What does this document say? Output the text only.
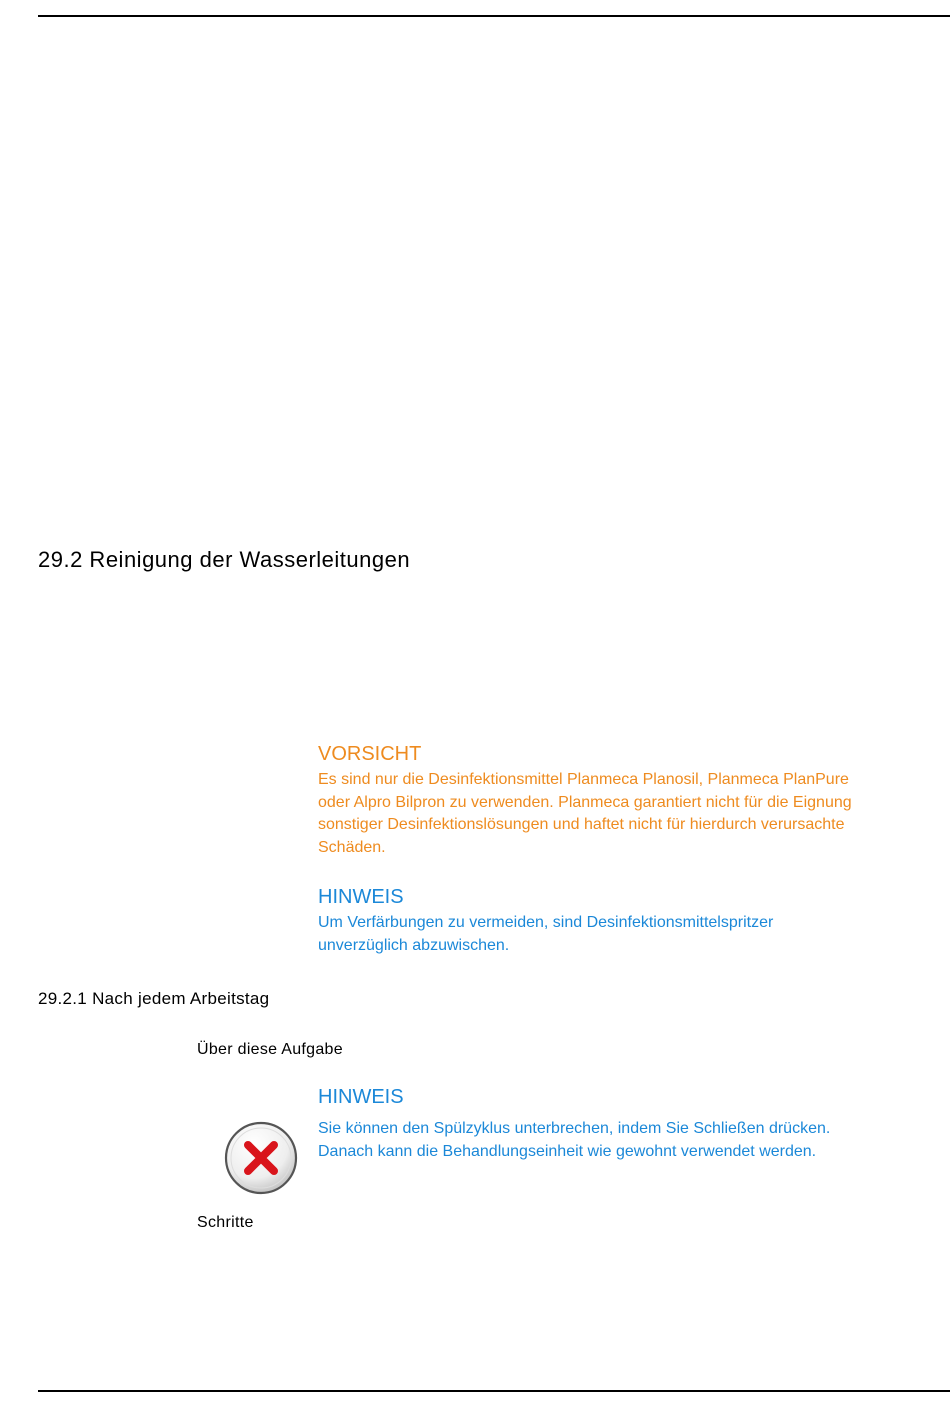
29.2 Reinigung der Wasserleitungen

VORSICHT

Es sind nur die Desinfektionsmittel Planmeca Planosil, Planmeca PlanPure
oder Alpro Bilpron zu verwenden. Planmeca garantiert nicht für die Eignung
sonstiger Desinfektionslösungen und haftet nicht für hierdurch verursachte
Schäden.

HINWEIS

Um Verfärbungen zu vermeiden, sind Desinfektionsmittelspritzer
unverzüglich abzuwischen.

29.2.1 Nach jedem Arbeitstag
Über diese Aufgabe

HINWEIS

Sie können den Spülzyklus unterbrechen, indem Sie Schließen drücken.
Danach kann die Behandlungseinheit wie gewohnt verwendet werden.

Schritte
